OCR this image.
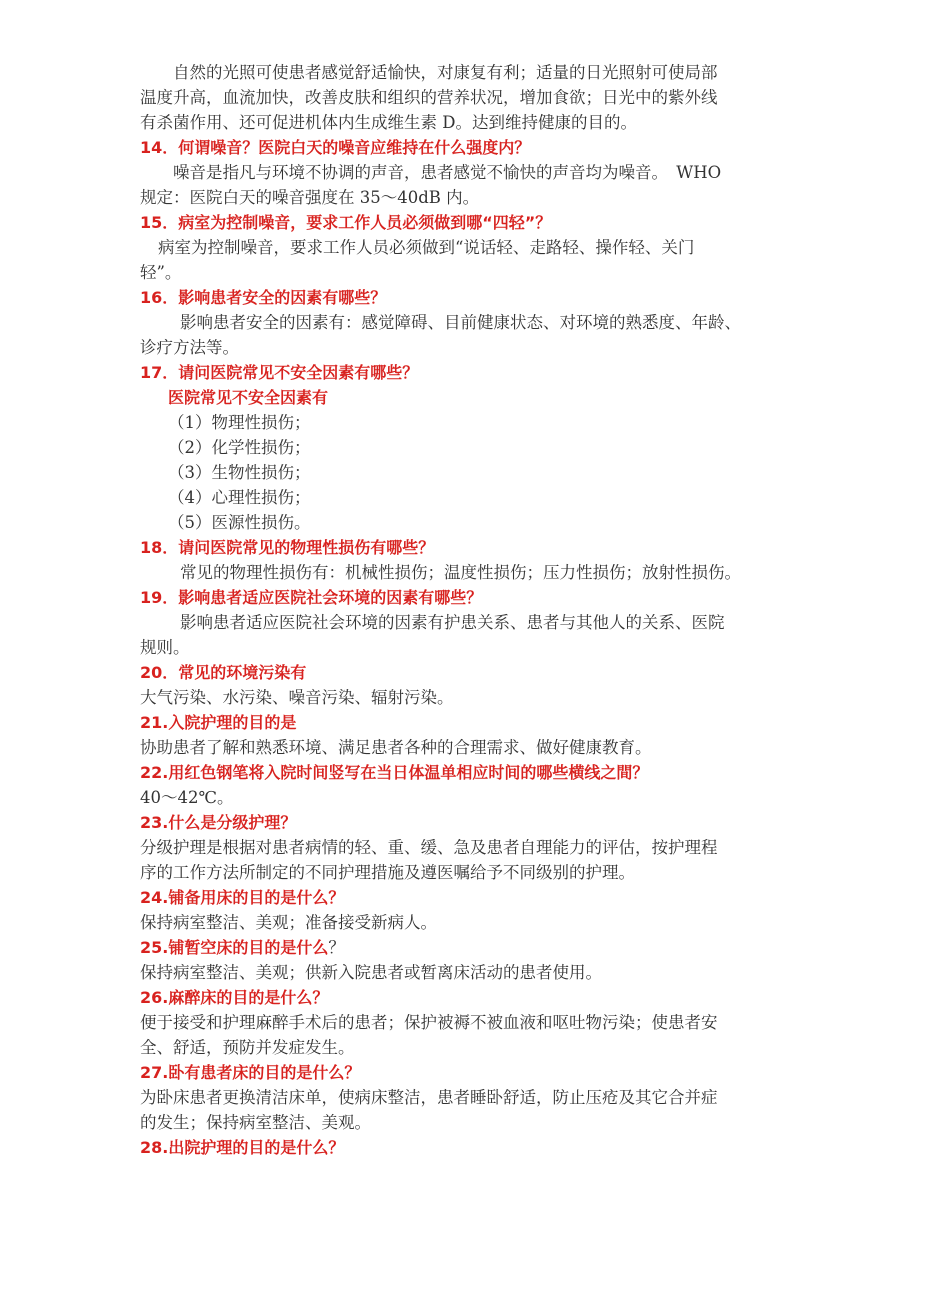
自然的光照可使患者感觉舒适愉快，对康复有利；适量的日光照射可使局部

温度升高，血流加快，改善皮肤和组织的营养状况，增加食欲；日光中的紫外线

有杀菌作用、还可促进机体内生成维生素 D。达到维持健康的目的。

14．何谓噪音？医院白天的噪音应维持在什么强度内？

噪音是指凡与环境不协调的声音，患者感觉不愉快的声音均为噪音。　WHO

规定：医院白天的噪音强度在 35～40dB 内。

15．病室为控制噪音，要求工作人员必须做到哪“四轻”？

病室为控制噪音，要求工作人员必须做到“说话轻、走路轻、操作轻、关门

轻”。

16．影响患者安全的因素有哪些？

影响患者安全的因素有：感觉障碍、目前健康状态、对环境的熟悉度、年龄、

诊疗方法等。

17．请问医院常见不安全因素有哪些？

医院常见不安全因素有

（1）物理性损伤；

（2）化学性损伤；

（3）生物性损伤；

（4）心理性损伤；

（5）医源性损伤。

18．请问医院常见的物理性损伤有哪些？

常见的物理性损伤有：机械性损伤；温度性损伤；压力性损伤；放射性损伤。

19．影响患者适应医院社会环境的因素有哪些？

影响患者适应医院社会环境的因素有护患关系、患者与其他人的关系、医院

规则。

20．常见的环境污染有

大气污染、水污染、噪音污染、辐射污染。

21.入院护理的目的是

协助患者了解和熟悉环境、满足患者各种的合理需求、做好健康教育。

22.用红色钢笔将入院时间竖写在当日体温单相应时间的哪些横线之間？

40～42℃。

23.什么是分级护理？

分级护理是根据对患者病情的轻、重、缓、急及患者自理能力的评估，按护理程

序的工作方法所制定的不同护理措施及遵医嘱给予不同级别的护理。

24.铺备用床的目的是什么？

保持病室整洁、美观；准备接受新病人。

25.铺暂空床的目的是什么？

保持病室整洁、美观；供新入院患者或暂离床活动的患者使用。

26.麻醉床的目的是什么？

便于接受和护理麻醉手术后的患者；保护被褥不被血液和呕吐物污染；使患者安

全、舒适，预防并发症发生。

27.卧有患者床的目的是什么？

为卧床患者更换清洁床单，使病床整洁，患者睡卧舒适，防止压疮及其它合并症

的发生；保持病室整洁、美观。

28.出院护理的目的是什么？
